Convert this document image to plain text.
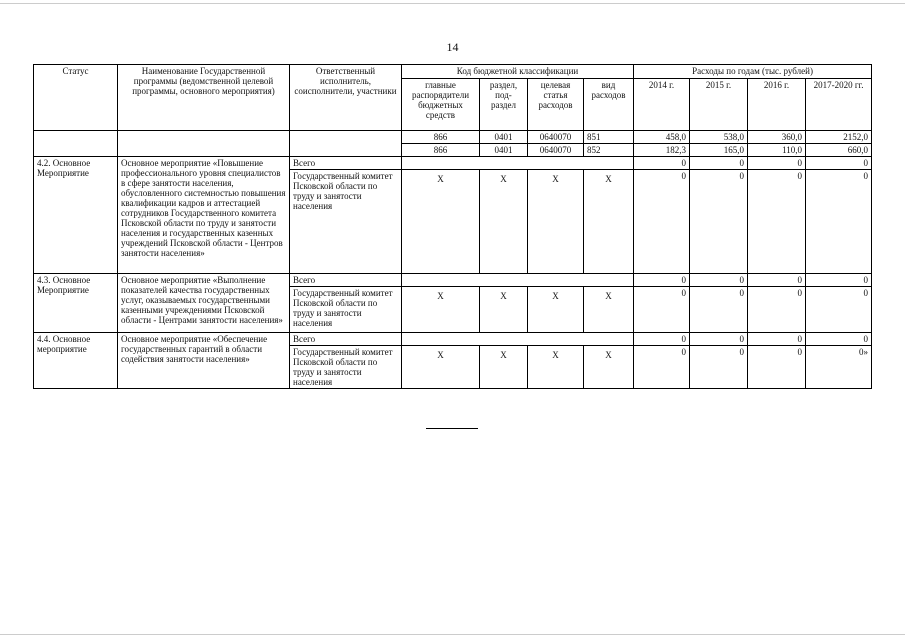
14
Статус	Наименование Государственной программы (ведомственной целевой программы, основного мероприятия)	Ответственный исполнитель, соисполнители, участники	Код бюджетной классификации				Расходы по годам (тыс. рублей)			
			главные распорядители бюджетных средств	раздел, под-раздел	целевая статья расходов	вид расходов	2014 г.	2015 г.	2016 г.	2017-2020 гг.
			866	0401	0640070	851	458,0	538,0	360,0	2152,0
			866	0401	0640070	852	182,3	165,0	110,0	660,0
4.2. Основное Мероприятие	Основное мероприятие «Повышение профессионального уровня специалистов в сфере занятости населения, обусловленного системностью повышения квалификации кадров и аттестацией сотрудников Государственного комитета Псковской области по труду и занятости населения и государственных казенных учреждений Псковской области - Центров занятости населения»	Всего					0	0	0	0
		Государственный комитет Псковской области по труду и занятости населения	X	X	X	X	0	0	0	0
4.3. Основное Мероприятие	Основное мероприятие «Выполнение показателей качества государственных услуг, оказываемых государственными казенными учреждениями Псковской области - Центрами занятости населения»	Всего					0	0	0	0
		Государственный комитет Псковской области по труду и занятости населения	X	X	X	X	0	0	0	0
4.4. Основное мероприятие	Основное мероприятие «Обеспечение государственных гарантий в области содействия занятости населения»	Всего					0	0	0	0
		Государственный комитет Псковской области по труду и занятости населения	X	X	X	X	0	0	0	0»
